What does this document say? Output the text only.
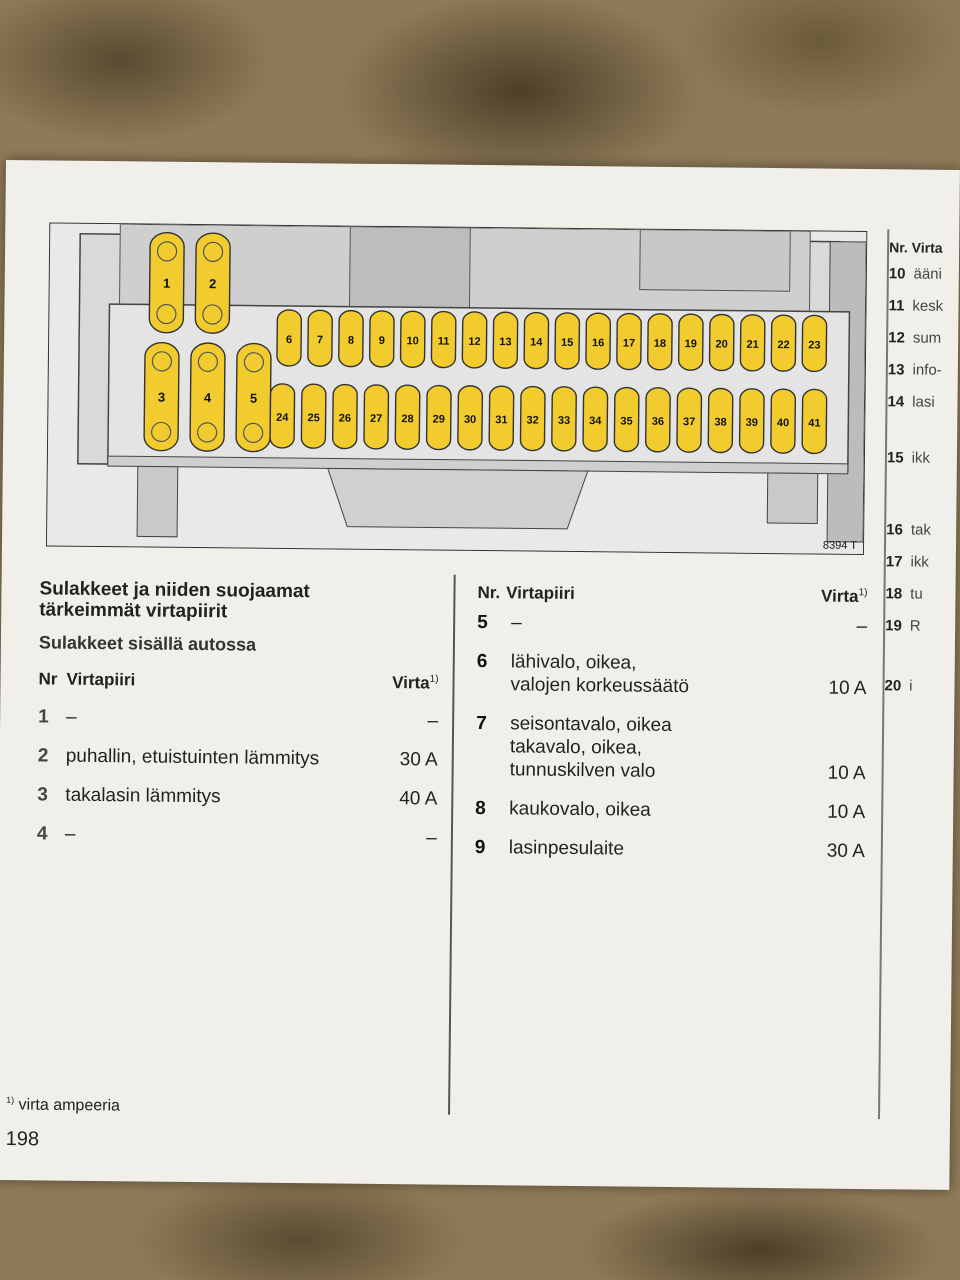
1	2
3	4	5
6 7 8 9 10 11 12 13 14 15 16 17 18 19 20 21 22 23
24 25 26 27 28 29 30 31 32 33 34 35 36 37 38 39 40 41
8394 T
Sulakkeet ja niiden suojaamat
tärkeimmät virtapiirit
Sulakkeet sisällä autossa
Nr Virtapiiri	Virta$^{1)}$
1 –	–
2 puhallin, etuistuinten lämmitys	30 A
3 takalasin lämmitys	40 A
4 –	–
Nr. Virtapiiri	Virta$^{1)}$
5	–	–
6	lähivalo, oikea,
valojen korkeussäätö	10 A
7	seisontavalo, oikea
takavalo, oikea,
tunnuskilven valo	10 A
8	kaukovalo, oikea	10 A
9	lasinpesulaite	30 A
Nr. Virta
10 ääni
11 kesk
12 sum
13 info-
14 lasi
15 ikk
16 tak
17 ikk
18 tu
19 R
20 i
$^{1)}$ virta ampeeria
198
